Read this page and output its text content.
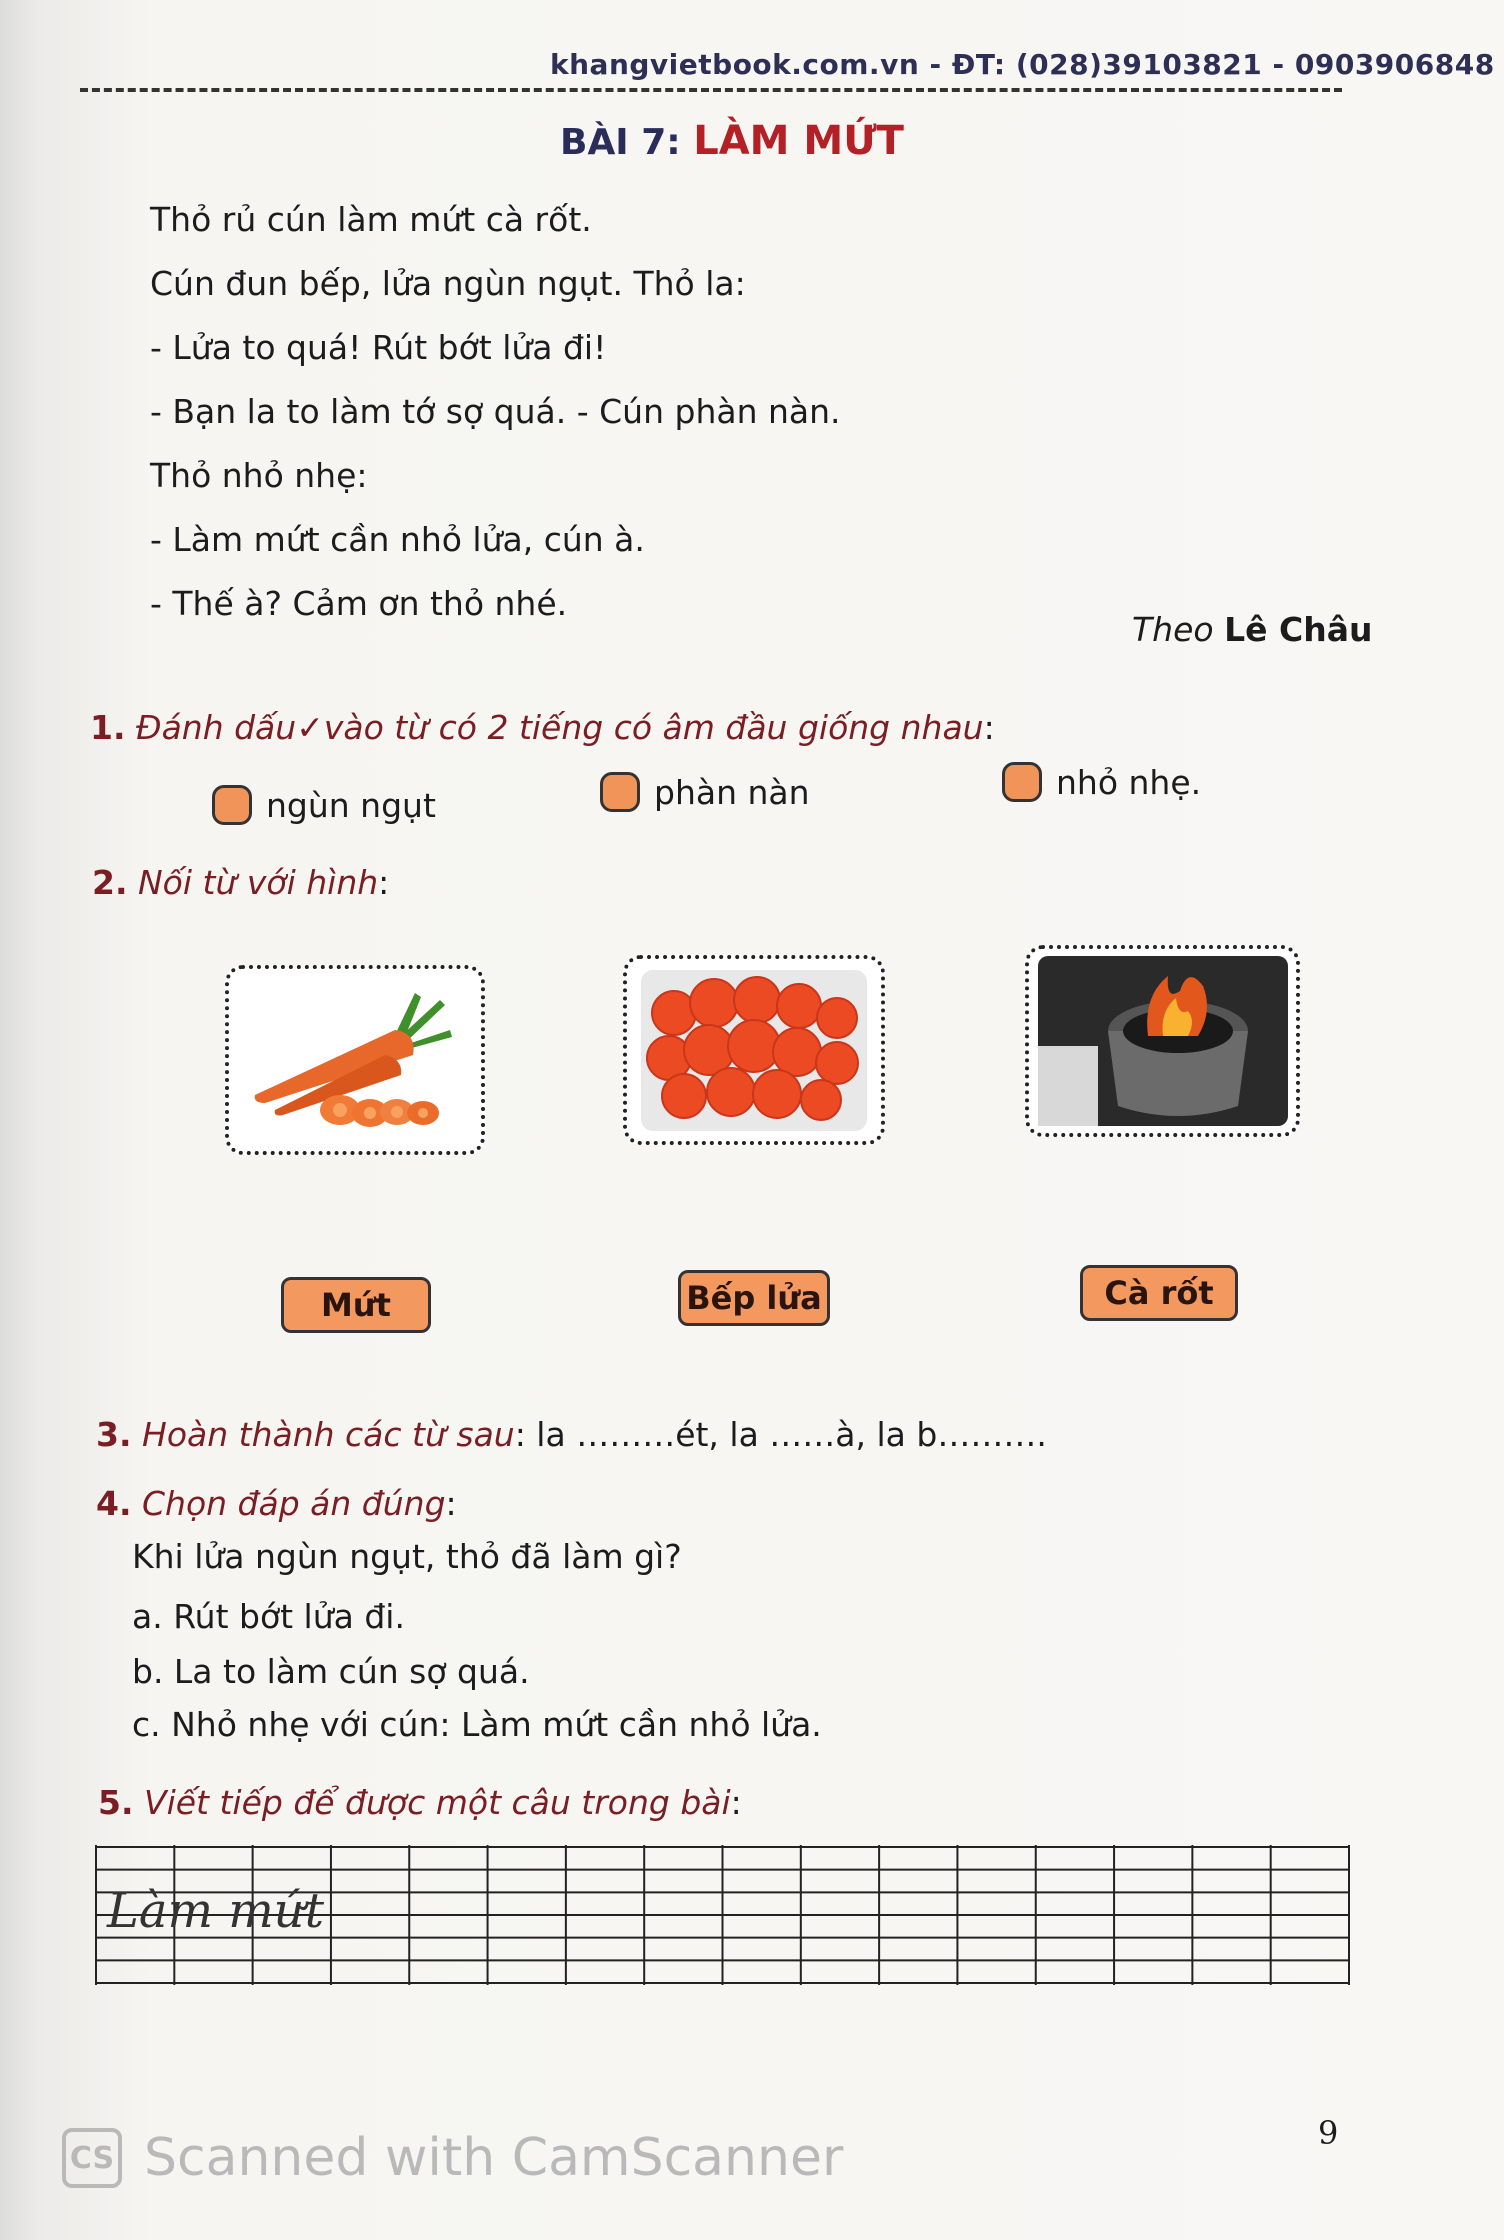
khangvietbook.com.vn - ĐT: (028)39103821 - 0903906848
BÀI 7: LÀM MỨT
Thỏ rủ cún làm mứt cà rốt.
Cún đun bếp, lửa ngùn ngụt. Thỏ la:
- Lửa to quá! Rút bớt lửa đi!
- Bạn la to làm tớ sợ quá. - Cún phàn nàn.
Thỏ nhỏ nhẹ:
- Làm mứt cần nhỏ lửa, cún à.
- Thế à? Cảm ơn thỏ nhé.
Theo Lê Châu
1. Đánh dấu✓vào từ có 2 tiếng có âm đầu giống nhau:
ngùn ngụt	phàn nàn	nhỏ nhẹ.
2. Nối từ với hình:
Mứt	Bếp lửa	Cà rốt
3. Hoàn thành các từ sau: la ………ét, la ……à, la b……….
4. Chọn đáp án đúng:
Khi lửa ngùn ngụt, thỏ đã làm gì?
a. Rút bớt lửa đi.
b. La to làm cún sợ quá.
c. Nhỏ nhẹ với cún: Làm mứt cần nhỏ lửa.
5. Viết tiếp để được một câu trong bài:
Làm mứt
9
CS Scanned with CamScanner
